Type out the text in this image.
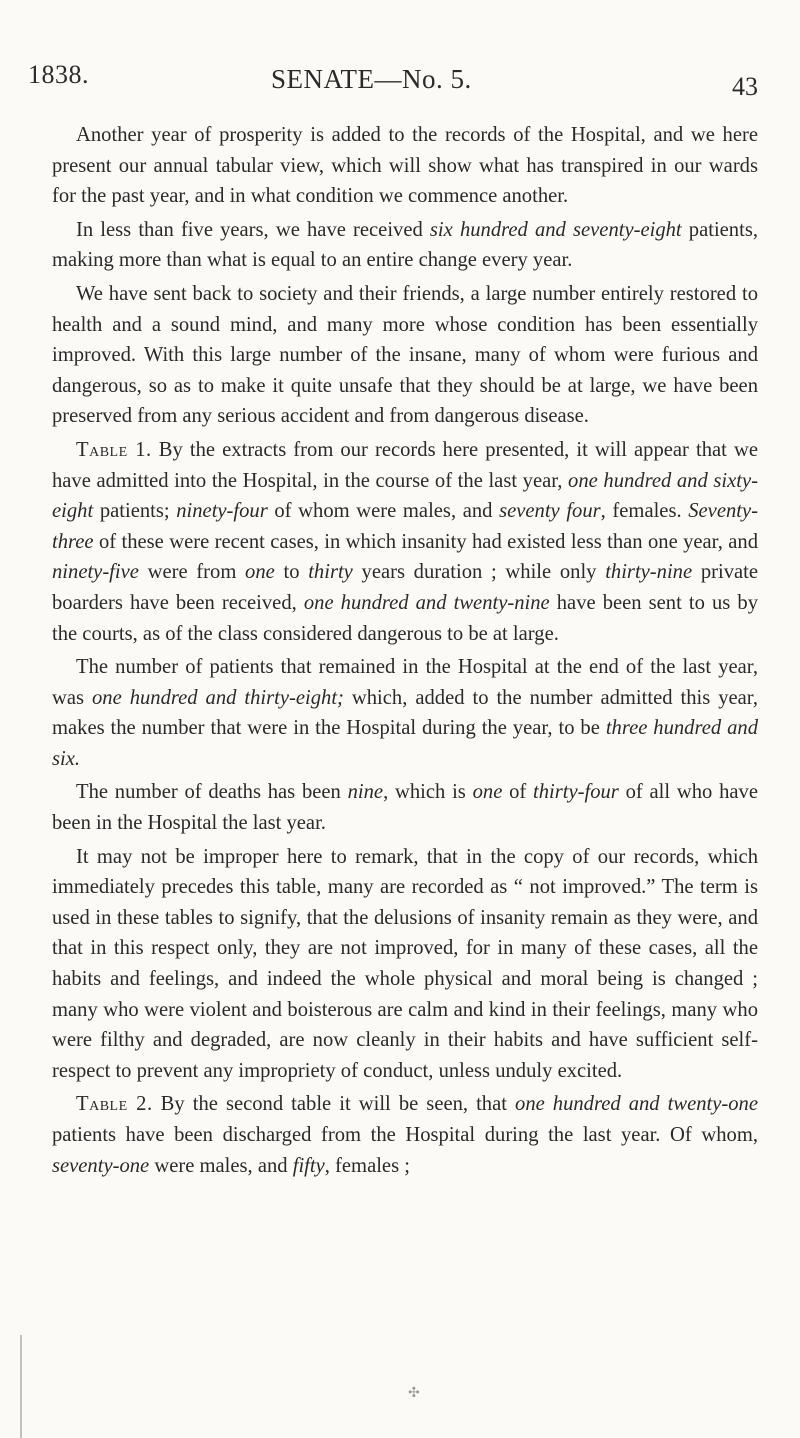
1838.	SENATE—No. 5.	43

Another year of prosperity is added to the records of the Hospital, and we here present our annual tabular view, which will show what has transpired in our wards for the past year, and in what condition we commence another.

In less than five years, we have received six hundred and seventy-eight patients, making more than what is equal to an entire change every year.

We have sent back to society and their friends, a large number entirely restored to health and a sound mind, and many more whose condition has been essentially improved. With this large number of the insane, many of whom were furious and dangerous, so as to make it quite unsafe that they should be at large, we have been preserved from any serious accident and from dangerous disease.

Table 1. By the extracts from our records here presented, it will appear that we have admitted into the Hospital, in the course of the last year, one hundred and sixty-eight patients; ninety-four of whom were males, and seventy four, females. Seventy-three of these were recent cases, in which insanity had existed less than one year, and ninety-five were from one to thirty years duration ; while only thirty-nine private boarders have been received, one hundred and twenty-nine have been sent to us by the courts, as of the class considered dangerous to be at large.

The number of patients that remained in the Hospital at the end of the last year, was one hundred and thirty-eight; which, added to the number admitted this year, makes the number that were in the Hospital during the year, to be three hundred and six.

The number of deaths has been nine, which is one of thirty-four of all who have been in the Hospital the last year.

It may not be improper here to remark, that in the copy of our records, which immediately precedes this table, many are recorded as “ not improved.” The term is used in these tables to signify, that the delusions of insanity remain as they were, and that in this respect only, they are not improved, for in many of these cases, all the habits and feelings, and indeed the whole physical and moral being is changed ; many who were violent and boisterous are calm and kind in their feelings, many who were filthy and degraded, are now cleanly in their habits and have sufficient self-respect to prevent any impropriety of conduct, unless unduly excited.

Table 2. By the second table it will be seen, that one hundred and twenty-one patients have been discharged from the Hospital during the last year. Of whom, seventy-one were males, and fifty, females ;

✣
